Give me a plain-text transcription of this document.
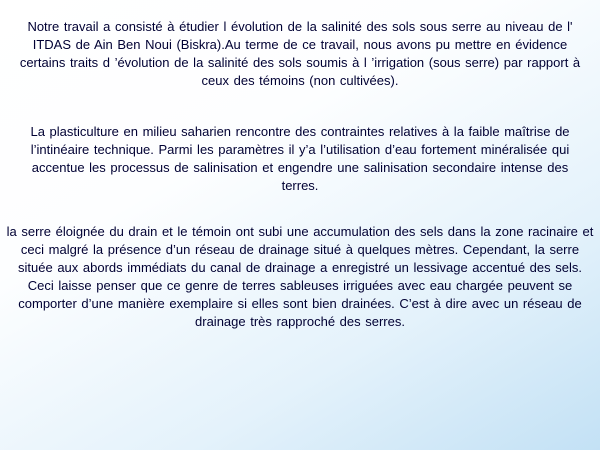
Notre travail a consisté à étudier l évolution de la salinité des sols sous serre au niveau de l' ITDAS de Ain Ben Noui (Biskra).Au terme de ce travail, nous avons pu mettre en évidence certains traits d ’évolution de la salinité des sols soumis à l ’irrigation (sous serre) par rapport à ceux des témoins (non cultivées).

La plasticulture en milieu saharien rencontre des contraintes relatives à la faible maîtrise de l’intinéaire technique. Parmi les paramètres il y’a l’utilisation d’eau fortement minéralisée qui accentue les processus de salinisation et engendre une salinisation secondaire intense des terres.

la serre éloignée du drain et le témoin ont subi une accumulation des sels dans la zone racinaire et ceci malgré la présence d’un réseau de drainage situé à quelques mètres. Cependant, la serre située aux abords immédiats du canal de drainage a enregistré un lessivage accentué des sels. Ceci laisse penser que ce genre de terres sableuses irriguées avec eau chargée peuvent se comporter d’une manière exemplaire si elles sont bien drainées. C’est à dire avec un réseau de drainage très rapproché des serres.
